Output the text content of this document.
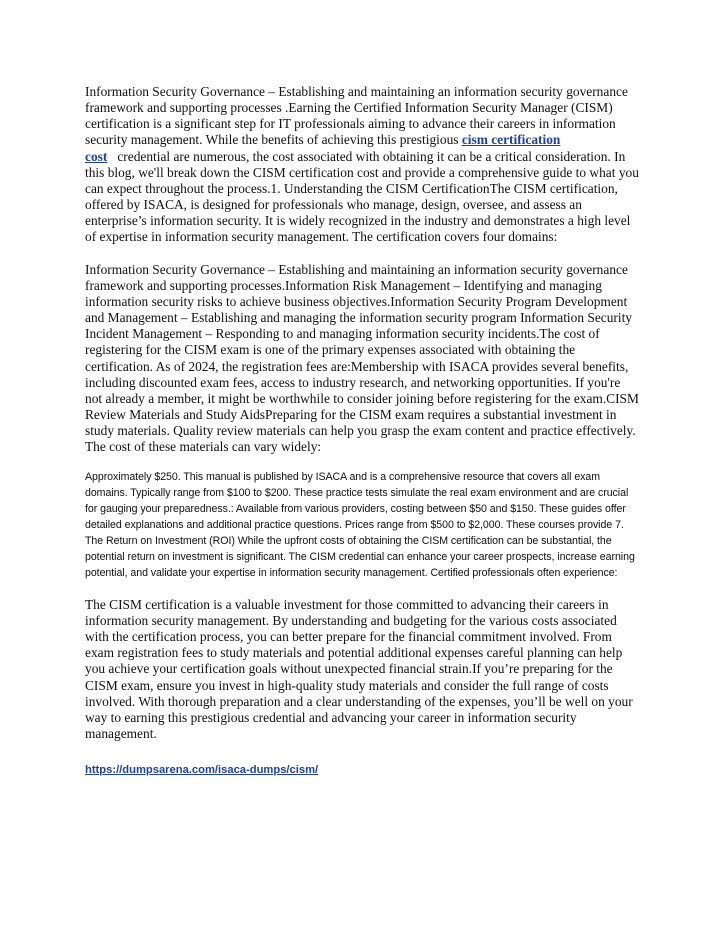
Information Security Governance – Establishing and maintaining an information security governance framework and supporting processes .Earning the Certified Information Security Manager (CISM) certification is a significant step for IT professionals aiming to advance their careers in information security management. While the benefits of achieving this prestigious cism certification cost   credential are numerous, the cost associated with obtaining it can be a critical consideration. In this blog, we'll break down the CISM certification cost and provide a comprehensive guide to what you can expect throughout the process.1. Understanding the CISM CertificationThe CISM certification, offered by ISACA, is designed for professionals who manage, design, oversee, and assess an enterprise’s information security. It is widely recognized in the industry and demonstrates a high level of expertise in information security management. The certification covers four domains:

Information Security Governance – Establishing and maintaining an information security governance framework and supporting processes.Information Risk Management – Identifying and managing information security risks to achieve business objectives.Information Security Program Development and Management – Establishing and managing the information security program Information Security Incident Management – Responding to and managing information security incidents.The cost of registering for the CISM exam is one of the primary expenses associated with obtaining the certification. As of 2024, the registration fees are:Membership with ISACA provides several benefits, including discounted exam fees, access to industry research, and networking opportunities. If you're not already a member, it might be worthwhile to consider joining before registering for the exam.CISM Review Materials and Study AidsPreparing for the CISM exam requires a substantial investment in study materials. Quality review materials can help you grasp the exam content and practice effectively. The cost of these materials can vary widely:

Approximately $250. This manual is published by ISACA and is a comprehensive resource that covers all exam domains. Typically range from $100 to $200. These practice tests simulate the real exam environment and are crucial for gauging your preparedness.: Available from various providers, costing between $50 and $150. These guides offer detailed explanations and additional practice questions. Prices range from $500 to $2,000. These courses provide 7. The Return on Investment (ROI) While the upfront costs of obtaining the CISM certification can be substantial, the potential return on investment is significant. The CISM credential can enhance your career prospects, increase earning potential, and validate your expertise in information security management. Certified professionals often experience:

The CISM certification is a valuable investment for those committed to advancing their careers in information security management. By understanding and budgeting for the various costs associated with the certification process, you can better prepare for the financial commitment involved. From exam registration fees to study materials and potential additional expenses careful planning can help you achieve your certification goals without unexpected financial strain.If you’re preparing for the CISM exam, ensure you invest in high-quality study materials and consider the full range of costs involved. With thorough preparation and a clear understanding of the expenses, you’ll be well on your way to earning this prestigious credential and advancing your career in information security management.

https://dumpsarena.com/isaca-dumps/cism/
